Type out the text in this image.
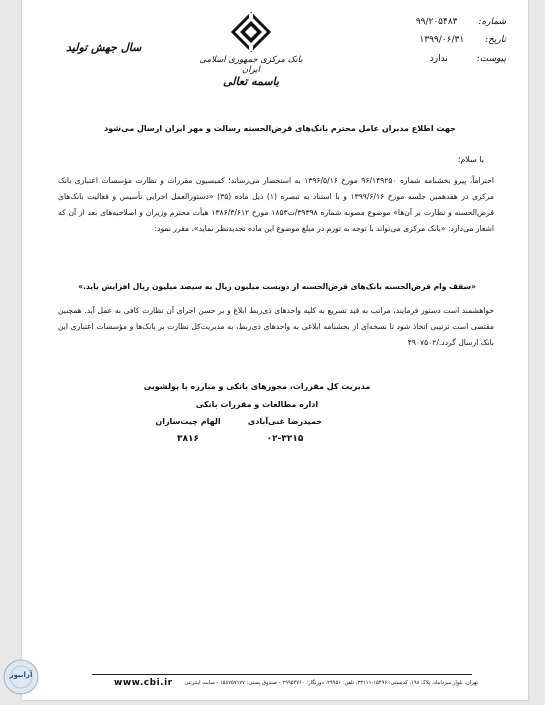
شماره: ۹۹/۲۰۵۴۸۳
تاریخ: ۱۳۹۹/۰۶/۳۱
پیوست: ندارد
بانک مرکزی جمهوری اسلامی ایران
باسمه تعالی
سال جهش تولید
جهت اطلاع مدیران عامل محترم بانک‌های قرض‌الحسنه رسالت و مهر ایران ارسال می‌شود
با سلام؛
احتراماً، پیرو بخشنامه شماره ۹۶/۱۴۹۲۵۰ مورخ ۱۳۹۶/۵/۱۶ به استحضار می‌رساند؛ کمیسیون مقررات و نظارت مؤسسات اعتباری بانک مرکزی در هفدهمین جلسه مورخ ۱۳۹۹/۶/۱۶ و با استناد به تبصره (۱) ذیل ماده (۳۵) «دستورالعمل اجرایی تأسیس و فعالیت بانک‌های قرض‌الحسنه و نظارت بر آن‌ها» موضوع مصوبه شماره ۳۹۳۹۸/ت۱۸۵۳ مورخ ۱۳۸۶/۳/۶۱۲ هیأت محترم وزیران و اصلاحیه‌های بعد از آن که اشعار می‌دارد: «بانک مرکزی می‌تواند با توجه به تورم در مبلغ موضوع این ماده تجدیدنظر نماید»، مقرر نمود:
«سقف وام قرض‌الحسنه بانک‌های قرض‌الحسنه از دویست میلیون ریال به سیصد میلیون ریال افزایش یابد.»
خواهشمند است دستور فرمایند، مراتب به قید تسریع به کلیه واحدهای ذی‌ربط ابلاغ و بر حسن اجرای آن نظارت کافی به عمل آید. همچنین مقتضی است ترتیبی اتخاذ شود تا نسخه‌ای از بخشنامه ابلاغی به واحدهای ذی‌ربط، به مدیریت‌کل نظارت بر بانک‌ها و مؤسسات اعتباری این بانک ارسال گردد./۴۹۰۷۵۰۲
مدیریت کل مقررات، مجوزهای بانکی و مبارزه با پولشویی
اداره مطالعات و مقررات بانکی
حمیدرضا غنی‌آبادی
۰۲-۳۲۱۵
الهام چیت‌سازان
۳۸۱۶
www.cbi.ir تهران، بلوار میرداماد، پلاک ۱۹۸، کدپستی: ۱۵۴۹۶-۳۳۱۱۱، تلفن: ۲۹۹۵۱، دورنگار: ۲۹۹۵۴۷۶۰ - صندوق پستی: ۱۵۸۷۵۷۱۷۷ - سایت اینترنتی
آرانیوز
